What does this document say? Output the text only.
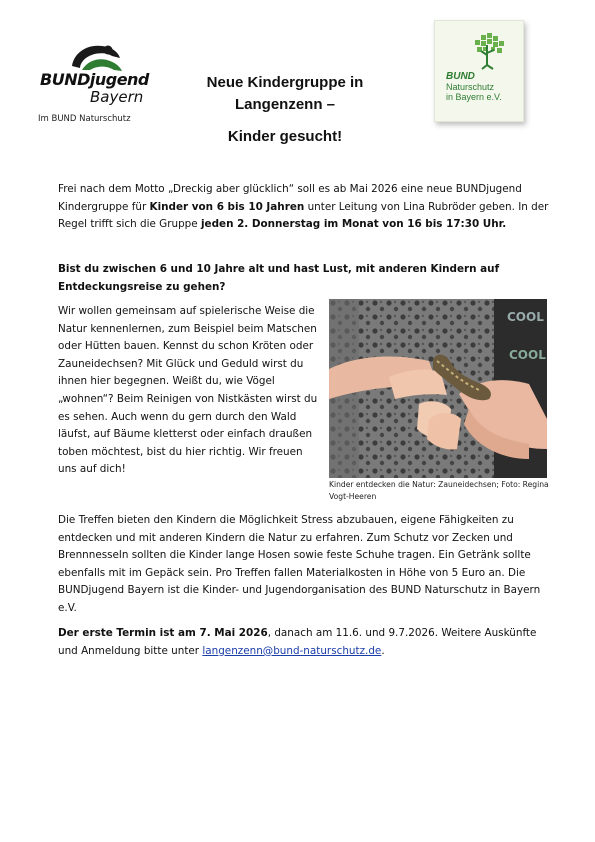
BUNDjugend
Bayern
Im BUND Naturschutz
Neue Kindergruppe in
Langenzenn –
Kinder gesucht!
BUND
Naturschutz
in Bayern e.V.
Frei nach dem Motto „Dreckig aber glücklich“ soll es ab Mai 2026 eine neue BUNDjugend Kindergruppe für Kinder von 6 bis 10 Jahren unter Leitung von Lina Rubröder geben. In der Regel trifft sich die Gruppe jeden 2. Donnerstag im Monat von 16 bis 17:30 Uhr.
Bist du zwischen 6 und 10 Jahre alt und hast Lust, mit anderen Kindern auf Entdeckungsreise zu gehen?
Wir wollen gemeinsam auf spielerische Weise die Natur kennenlernen, zum Beispiel beim Matschen oder Hütten bauen. Kennst du schon Kröten oder Zauneidechsen? Mit Glück und Geduld wirst du ihnen hier begegnen. Weißt du, wie Vögel „wohnen“? Beim Reinigen von Nistkästen wirst du es sehen. Auch wenn du gern durch den Wald läufst, auf Bäume kletterst oder einfach draußen toben möchtest, bist du hier richtig. Wir freuen uns auf dich!
COOL
COOL
Kinder entdecken die Natur: Zauneidechsen; Foto: Regina Vogt-Heeren
Die Treffen bieten den Kindern die Möglichkeit Stress abzubauen, eigene Fähigkeiten zu entdecken und mit anderen Kindern die Natur zu erfahren. Zum Schutz vor Zecken und Brennnesseln sollten die Kinder lange Hosen sowie feste Schuhe tragen. Ein Getränk sollte ebenfalls mit im Gepäck sein. Pro Treffen fallen Materialkosten in Höhe von 5 Euro an. Die BUNDjugend Bayern ist die Kinder- und Jugendorganisation des BUND Naturschutz in Bayern e.V.
Der erste Termin ist am 7. Mai 2026, danach am 11.6. und 9.7.2026. Weitere Auskünfte und Anmeldung bitte unter langenzenn@bund-naturschutz.de.
